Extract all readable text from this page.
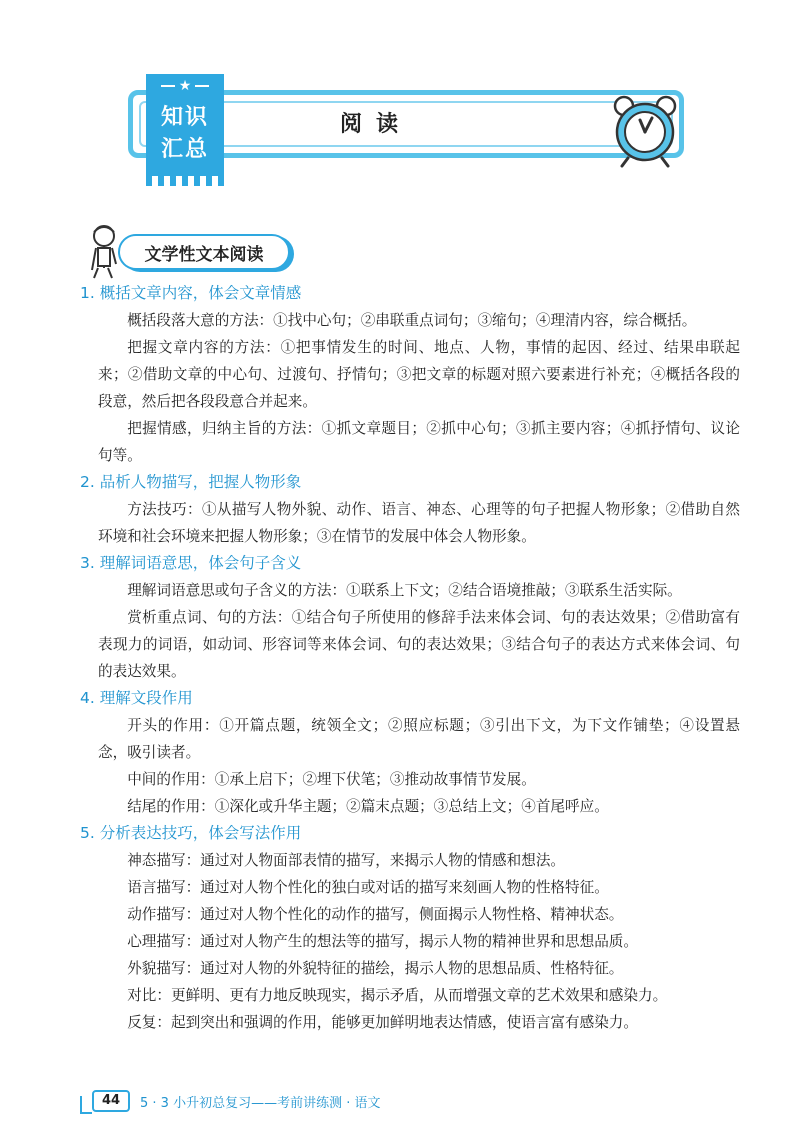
阅读
★
知识
汇总
文学性文本阅读
1. 概括文章内容，体会文章情感
概括段落大意的方法：①找中心句；②串联重点词句；③缩句；④理清内容，综合概括。
把握文章内容的方法：①把事情发生的时间、地点、人物，事情的起因、经过、结果串联起来；②借助文章的中心句、过渡句、抒情句；③把文章的标题对照六要素进行补充；④概括各段的段意，然后把各段段意合并起来。
把握情感，归纳主旨的方法：①抓文章题目；②抓中心句；③抓主要内容；④抓抒情句、议论句等。
2. 品析人物描写，把握人物形象
方法技巧：①从描写人物外貌、动作、语言、神态、心理等的句子把握人物形象；②借助自然环境和社会环境来把握人物形象；③在情节的发展中体会人物形象。
3. 理解词语意思，体会句子含义
理解词语意思或句子含义的方法：①联系上下文；②结合语境推敲；③联系生活实际。
赏析重点词、句的方法：①结合句子所使用的修辞手法来体会词、句的表达效果；②借助富有表现力的词语，如动词、形容词等来体会词、句的表达效果；③结合句子的表达方式来体会词、句的表达效果。
4. 理解文段作用
开头的作用：①开篇点题，统领全文；②照应标题；③引出下文，为下文作铺垫；④设置悬念，吸引读者。
中间的作用：①承上启下；②埋下伏笔；③推动故事情节发展。
结尾的作用：①深化或升华主题；②篇末点题；③总结上文；④首尾呼应。
5. 分析表达技巧，体会写法作用
神态描写：通过对人物面部表情的描写，来揭示人物的情感和想法。
语言描写：通过对人物个性化的独白或对话的描写来刻画人物的性格特征。
动作描写：通过对人物个性化的动作的描写，侧面揭示人物性格、精神状态。
心理描写：通过对人物产生的想法等的描写，揭示人物的精神世界和思想品质。
外貌描写：通过对人物的外貌特征的描绘，揭示人物的思想品质、性格特征。
对比：更鲜明、更有力地反映现实，揭示矛盾，从而增强文章的艺术效果和感染力。
反复：起到突出和强调的作用，能够更加鲜明地表达情感，使语言富有感染力。
44	5 · 3 小升初总复习——考前讲练测 · 语文
